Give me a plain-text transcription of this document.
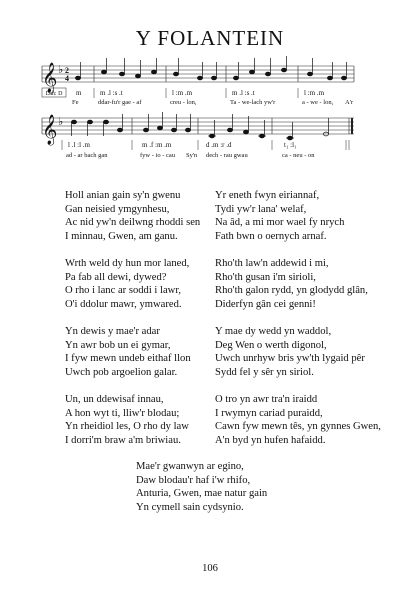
Y FOLANTEIN
𝄞 ♭ 2
4
Lah: D m	m .l :s .t	l :m .m	m .l :s .t	l :m .m
Fe	ddar-fu'r gae - af	creu - lon,	Ta - we-lach yw'r	a - we - lon, A'r
𝄞 ♭
l .l :l .m	m .f :m .m	d .m :r .d	t₁ :l₁
ad - ar bach gan	fyw - io - cau Sy'n dech - rau gwau	ca - neu - on
Holl anian gain sy'n gwenu
Gan neisied ymgynhesu,
Ac nid yw'n deilwng rhoddi sen
I minnau, Gwen, am ganu.
Wrth weld dy hun mor laned,
Pa fab all dewi, dywed?
O rho i lanc ar soddi i lawr,
O'i ddolur mawr, ymwared.
Yn dewis y mae'r adar
Yn awr bob un ei gymar,
I fyw mewn undeb eithaf llon
Uwch pob argoelion galar.
Un, un ddewisaf innau,
A hon wyt ti, lliw'r blodau;
Yn rheidiol les, O rho dy law
I dorri'm braw a'm briwiau.
Yr eneth fwyn eiriannaf,
Tydi yw'r lana' welaf,
Na âd, a mi mor wael fy nrych
Fath bwn o oernych arnaf.
Rho'th law'n addewid i mi,
Rho'th gusan i'm sirioli,
Rho'th galon rydd, yn glodydd glân,
Diderfyn gân cei genni!
Y mae dy wedd yn waddol,
Deg Wen o werth digonol,
Uwch unrhyw bris yw'th lygaid pêr
Sydd fel y sêr yn siriol.
O tro yn awr tra'n iraidd
I rwymyn cariad puraidd,
Cawn fyw mewn tês, yn gynnes Gwen,
A'n byd yn hufen hafaidd.
Mae'r gwanwyn ar egino,
Daw blodau'r haf i'w rhifo,
Anturia, Gwen, mae natur gain
Yn cymell sain cydsynio.
106
